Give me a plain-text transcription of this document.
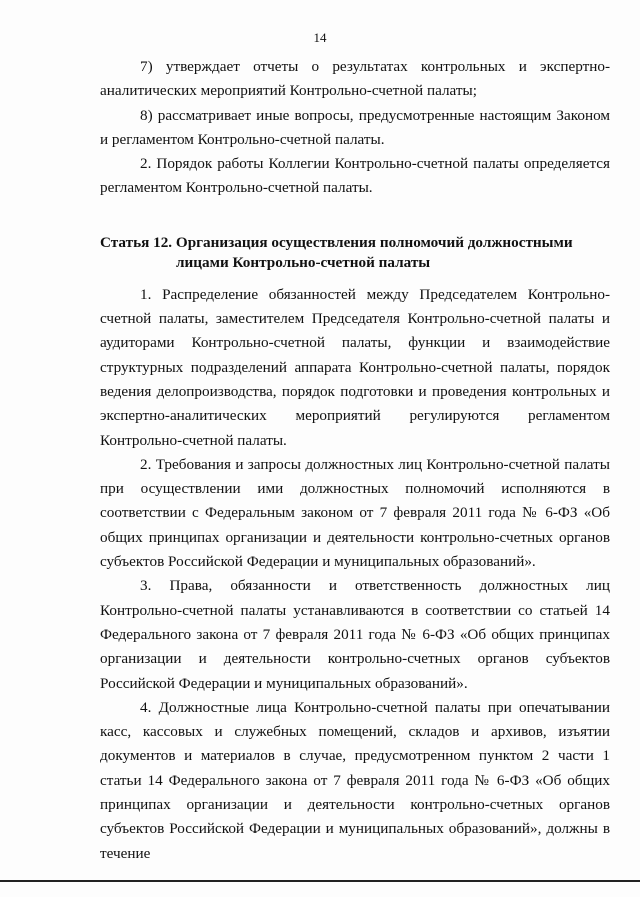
14

7) утверждает отчеты о результатах контрольных и экспертно-аналитических мероприятий Контрольно-счетной палаты;

8) рассматривает иные вопросы, предусмотренные настоящим Законом и регламентом Контрольно-счетной палаты.

2. Порядок работы Коллегии Контрольно-счетной палаты определяется регламентом Контрольно-счетной палаты.

Статья 12. Организация осуществления полномочий должностными
лицами Контрольно-счетной палаты

1. Распределение обязанностей между Председателем Контрольно-счетной палаты, заместителем Председателя Контрольно-счетной палаты и аудиторами Контрольно-счетной палаты, функции и взаимодействие структурных подразделений аппарата Контрольно-счетной палаты, порядок ведения делопроизводства, порядок подготовки и проведения контрольных и экспертно-аналитических мероприятий регулируются регламентом Контрольно-счетной палаты.

2. Требования и запросы должностных лиц Контрольно-счетной палаты при осуществлении ими должностных полномочий исполняются в соответствии с Федеральным законом от 7 февраля 2011 года № 6-ФЗ «Об общих принципах организации и деятельности контрольно-счетных органов субъектов Российской Федерации и муниципальных образований».

3. Права, обязанности и ответственность должностных лиц Контрольно-счетной палаты устанавливаются в соответствии со статьей 14 Федерального закона от 7 февраля 2011 года № 6-ФЗ «Об общих принципах организации и деятельности контрольно-счетных органов субъектов Российской Федерации и муниципальных образований».

4. Должностные лица Контрольно-счетной палаты при опечатывании касс, кассовых и служебных помещений, складов и архивов, изъятии документов и материалов в случае, предусмотренном пунктом 2 части 1 статьи 14 Федерального закона от 7 февраля 2011 года № 6-ФЗ «Об общих принципах организации и деятельности контрольно-счетных органов субъектов Российской Федерации и муниципальных образований», должны в течение
